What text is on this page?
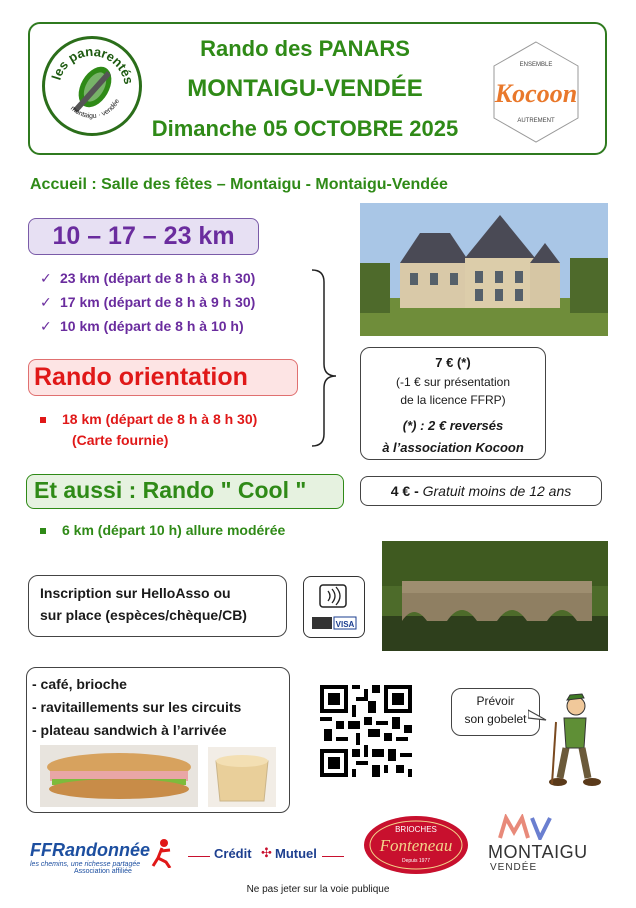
les panarentés
montaigu · vendée
Rando des PANARS
MONTAIGU-VENDÉE
Dimanche 05 OCTOBRE 2025
ENSEMBLE
Kocoon
AUTREMENT
Accueil : Salle des fêtes – Montaigu - Montaigu-Vendée
10 – 17 – 23 km
✓ 23 km (départ de 8 h à 8 h 30)
✓ 17 km (départ de 8 h à 9 h 30)
✓ 10 km (départ de 8 h à 10 h)
Rando orientation
18 km (départ de 8 h à 8 h 30)
(Carte fournie)
7 € (*)
(-1 € sur présentation
de la licence FFRP)
(*) : 2 € reversés
à l’association Kocoon
Et aussi : Rando " Cool "	4 € - Gratuit moins de 12 ans
6 km (départ 10 h) allure modérée
Inscription sur HelloAsso ou
sur place (espèces/chèque/CB)
VISA
- café, brioche
- ravitaillements sur les circuits
- plateau sandwich à l’arrivée
Prévoir
son gobelet
FFRandonnée
les chemins, une richesse partagée
Association affiliée
Crédit ✣ Mutuel
BRIOCHES
Fonteneau
Depuis 1977	MONTAIGU
VENDÉE
Ne pas jeter sur la voie publique
